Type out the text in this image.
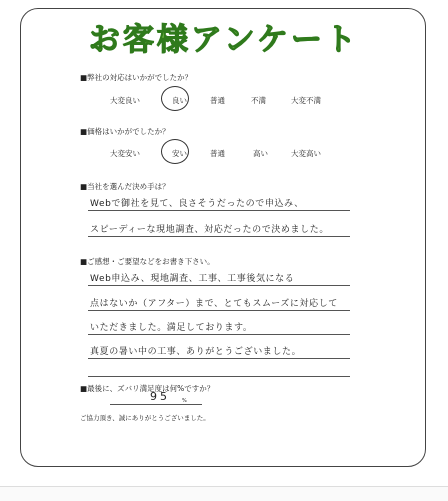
お客様アンケート
■弊社の対応はいかがでしたか？
大変良い	良い	普通	不満	大変不満
■価格はいかがでしたか？
大変安い	安い	普通	高い	大変高い
■当社を選んだ決め手は？
Webで御社を見て、良さそうだったので申込み、
スピーディーな現地調査、対応だったので決めました。
■ご感想・ご要望などをお書き下さい。
Web申込み、現地調査、工事、工事後気になる
点はないか（アフター）まで、とてもスムーズに対応して
いただきました。満足しております。
真夏の暑い中の工事、ありがとうございました。
■最後に、ズバリ満足度は何%ですか？
95 %
ご協力頂き、誠にありがとうございました。
